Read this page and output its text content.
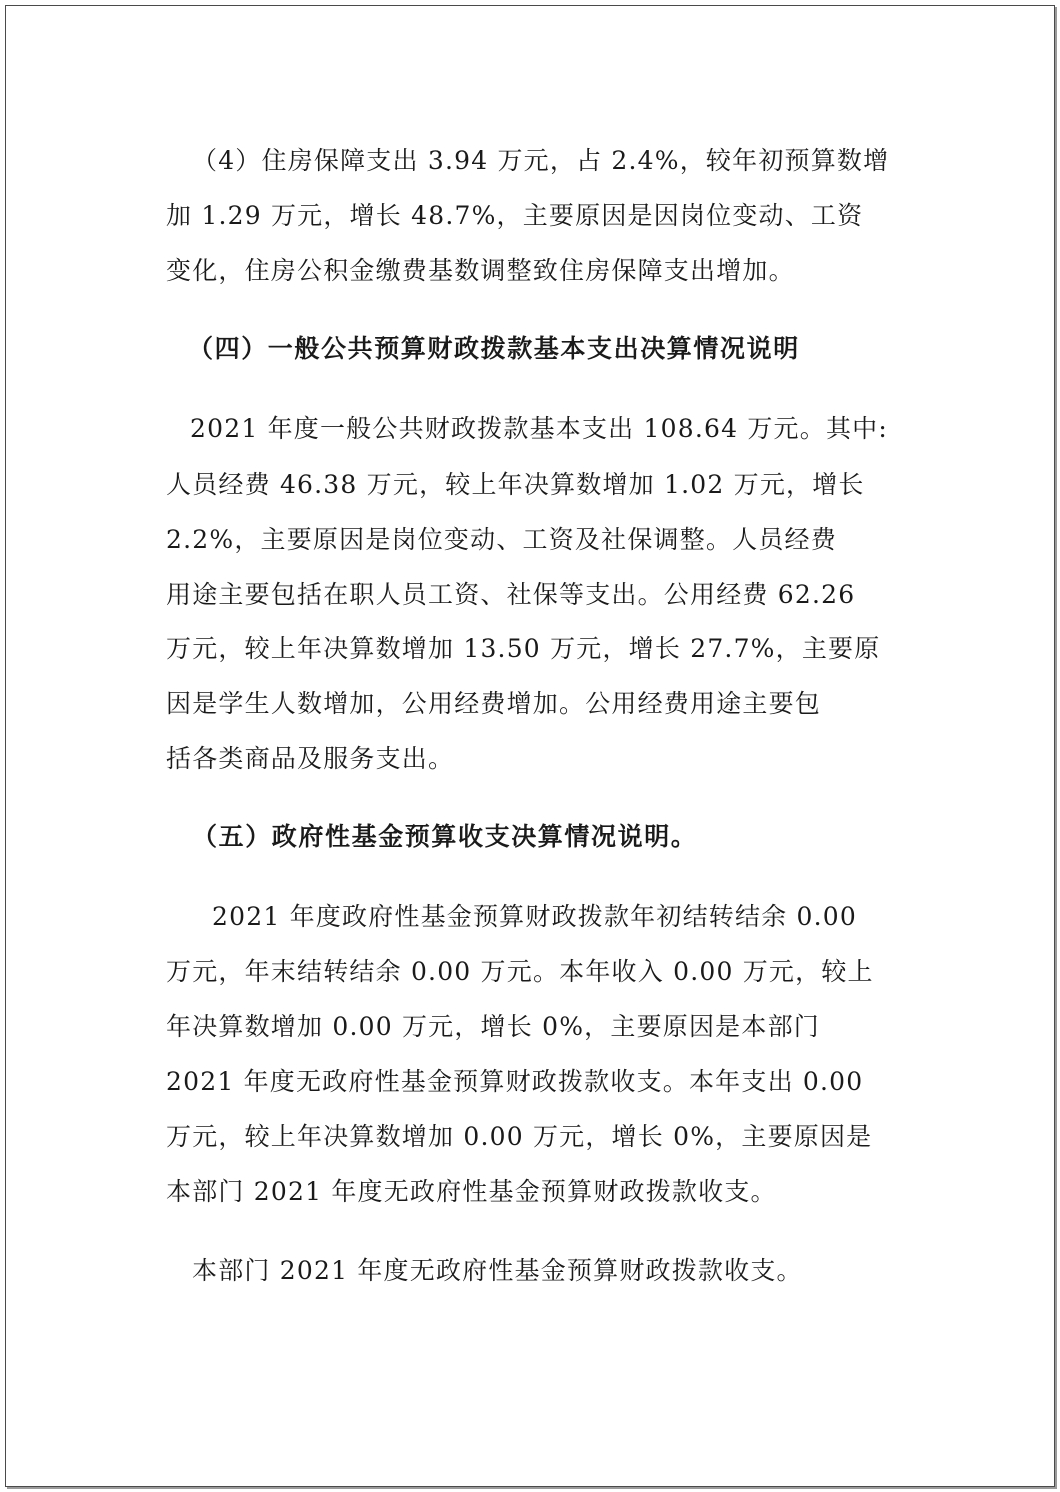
（4）住房保障支出 3.94 万元，占 2.4%，较年初预算数增
加 1.29 万元，增长 48.7%，主要原因是因岗位变动、工资
变化，住房公积金缴费基数调整致住房保障支出增加。
（四）一般公共预算财政拨款基本支出决算情况说明
2021 年度一般公共财政拨款基本支出 108.64 万元。其中:
人员经费 46.38 万元，较上年决算数增加 1.02 万元，增长
2.2%，主要原因是岗位变动、工资及社保调整。人员经费
用途主要包括在职人员工资、社保等支出。公用经费 62.26
万元，较上年决算数增加 13.50 万元，增长 27.7%，主要原
因是学生人数增加，公用经费增加。公用经费用途主要包
括各类商品及服务支出。
（五）政府性基金预算收支决算情况说明。
2021 年度政府性基金预算财政拨款年初结转结余 0.00
万元，年末结转结余 0.00 万元。本年收入 0.00 万元，较上
年决算数增加 0.00 万元，增长 0%，主要原因是本部门
2021 年度无政府性基金预算财政拨款收支。本年支出 0.00
万元，较上年决算数增加 0.00 万元，增长 0%，主要原因是
本部门 2021 年度无政府性基金预算财政拨款收支。
本部门 2021 年度无政府性基金预算财政拨款收支。
